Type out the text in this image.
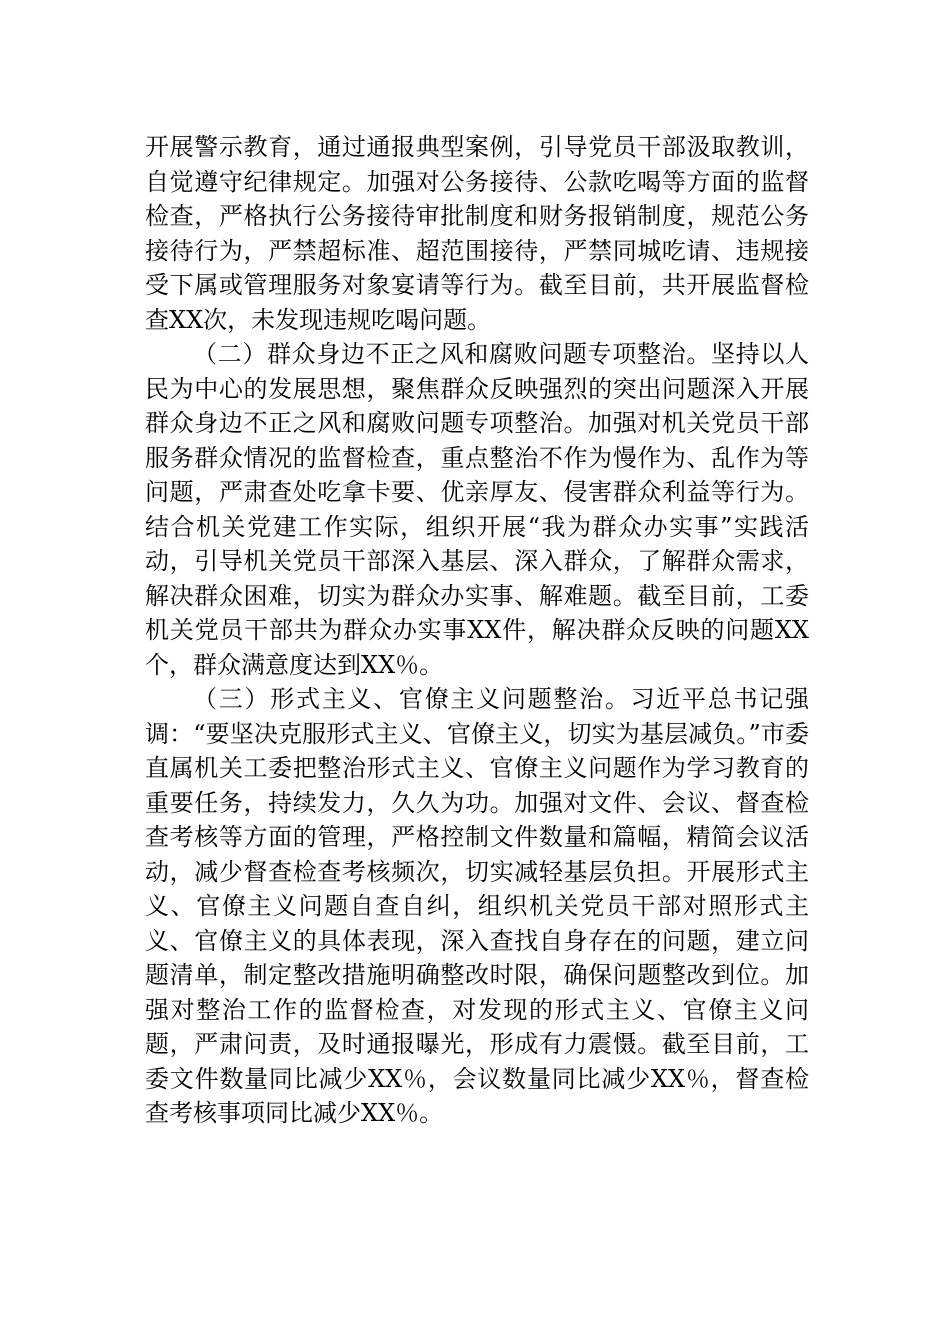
开展警示教育，通过通报典型案例，引导党员干部汲取教训，自觉遵守纪律规定。加强对公务接待、公款吃喝等方面的监督检查，严格执行公务接待审批制度和财务报销制度，规范公务接待行为，严禁超标准、超范围接待，严禁同城吃请、违规接受下属或管理服务对象宴请等行为。截至目前，共开展监督检查XX次，未发现违规吃喝问题。

（二）群众身边不正之风和腐败问题专项整治。坚持以人民为中心的发展思想，聚焦群众反映强烈的突出问题深入开展群众身边不正之风和腐败问题专项整治。加强对机关党员干部服务群众情况的监督检查，重点整治不作为慢作为、乱作为等问题，严肃查处吃拿卡要、优亲厚友、侵害群众利益等行为。结合机关党建工作实际，组织开展“我为群众办实事”实践活动，引导机关党员干部深入基层、深入群众，了解群众需求，解决群众困难，切实为群众办实事、解难题。截至目前，工委机关党员干部共为群众办实事XX件，解决群众反映的问题XX个，群众满意度达到XX％。

（三）形式主义、官僚主义问题整治。习近平总书记强调：“要坚决克服形式主义、官僚主义，切实为基层减负。”市委直属机关工委把整治形式主义、官僚主义问题作为学习教育的重要任务，持续发力，久久为功。加强对文件、会议、督查检查考核等方面的管理，严格控制文件数量和篇幅，精简会议活动，减少督查检查考核频次，切实减轻基层负担。开展形式主义、官僚主义问题自查自纠，组织机关党员干部对照形式主义、官僚主义的具体表现，深入查找自身存在的问题，建立问题清单，制定整改措施明确整改时限，确保问题整改到位。加强对整治工作的监督检查，对发现的形式主义、官僚主义问题，严肃问责，及时通报曝光，形成有力震慑。截至目前，工委文件数量同比减少XX％，会议数量同比减少XX％，督查检查考核事项同比减少XX％。
